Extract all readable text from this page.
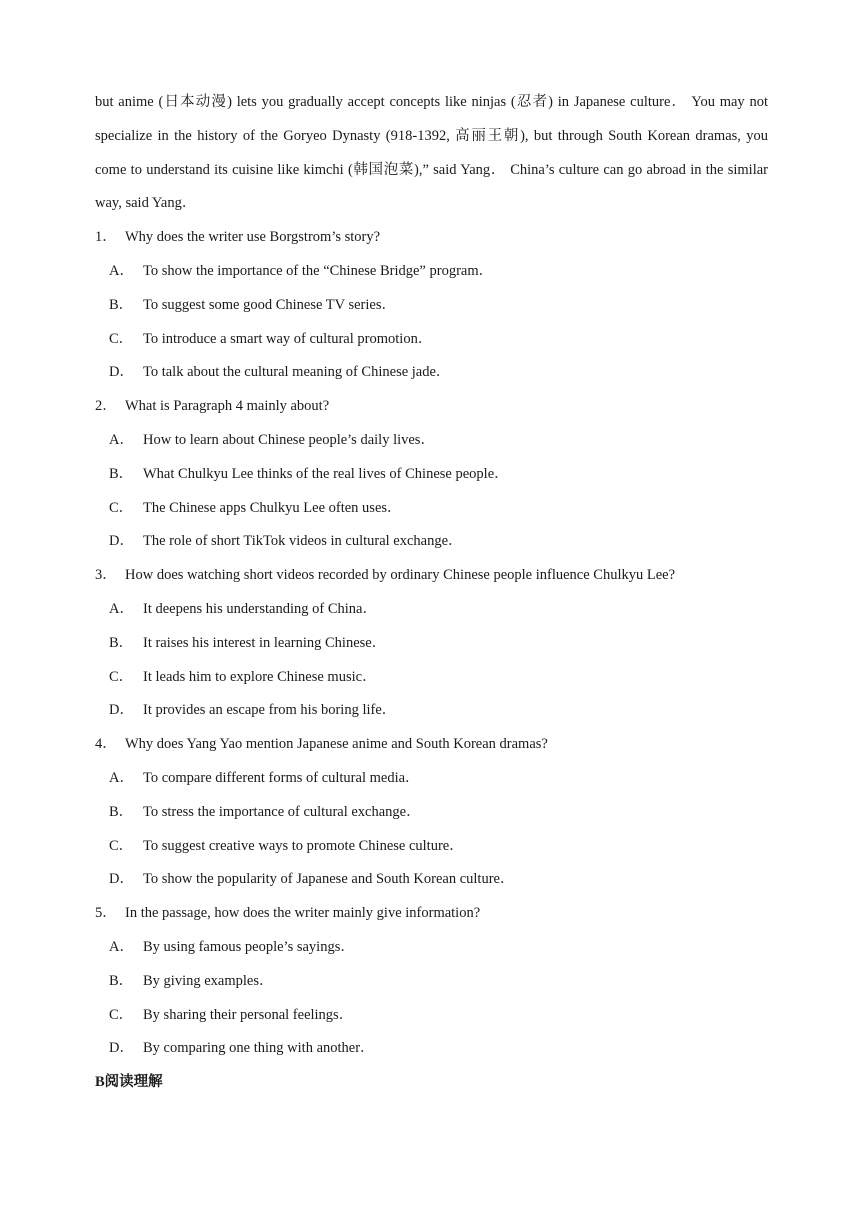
but anime (日本动漫) lets you gradually accept concepts like ninjas (忍者) in Japanese culture． You may not specialize in the history of the Goryeo Dynasty (918-1392, 高丽王朝), but through South Korean dramas, you come to understand its cuisine like kimchi (韩国泡菜),” said Yang． China’s culture can go abroad in the similar way, said Yang．

1． Why does the writer use Borgstrom’s story?
A． To show the importance of the “Chinese Bridge” program．
B． To suggest some good Chinese TV series．
C． To introduce a smart way of cultural promotion．
D． To talk about the cultural meaning of Chinese jade．
2． What is Paragraph 4 mainly about?
A． How to learn about Chinese people’s daily lives．
B． What Chulkyu Lee thinks of the real lives of Chinese people．
C． The Chinese apps Chulkyu Lee often uses．
D． The role of short TikTok videos in cultural exchange．
3． How does watching short videos recorded by ordinary Chinese people influence Chulkyu Lee?
A． It deepens his understanding of China．
B． It raises his interest in learning Chinese．
C． It leads him to explore Chinese music．
D． It provides an escape from his boring life．
4． Why does Yang Yao mention Japanese anime and South Korean dramas?
A． To compare different forms of cultural media．
B． To stress the importance of cultural exchange．
C． To suggest creative ways to promote Chinese culture．
D． To show the popularity of Japanese and South Korean culture．
5． In the passage, how does the writer mainly give information?
A． By using famous people’s sayings．
B． By giving examples．
C． By sharing their personal feelings．
D． By comparing one thing with another．
B阅读理解
